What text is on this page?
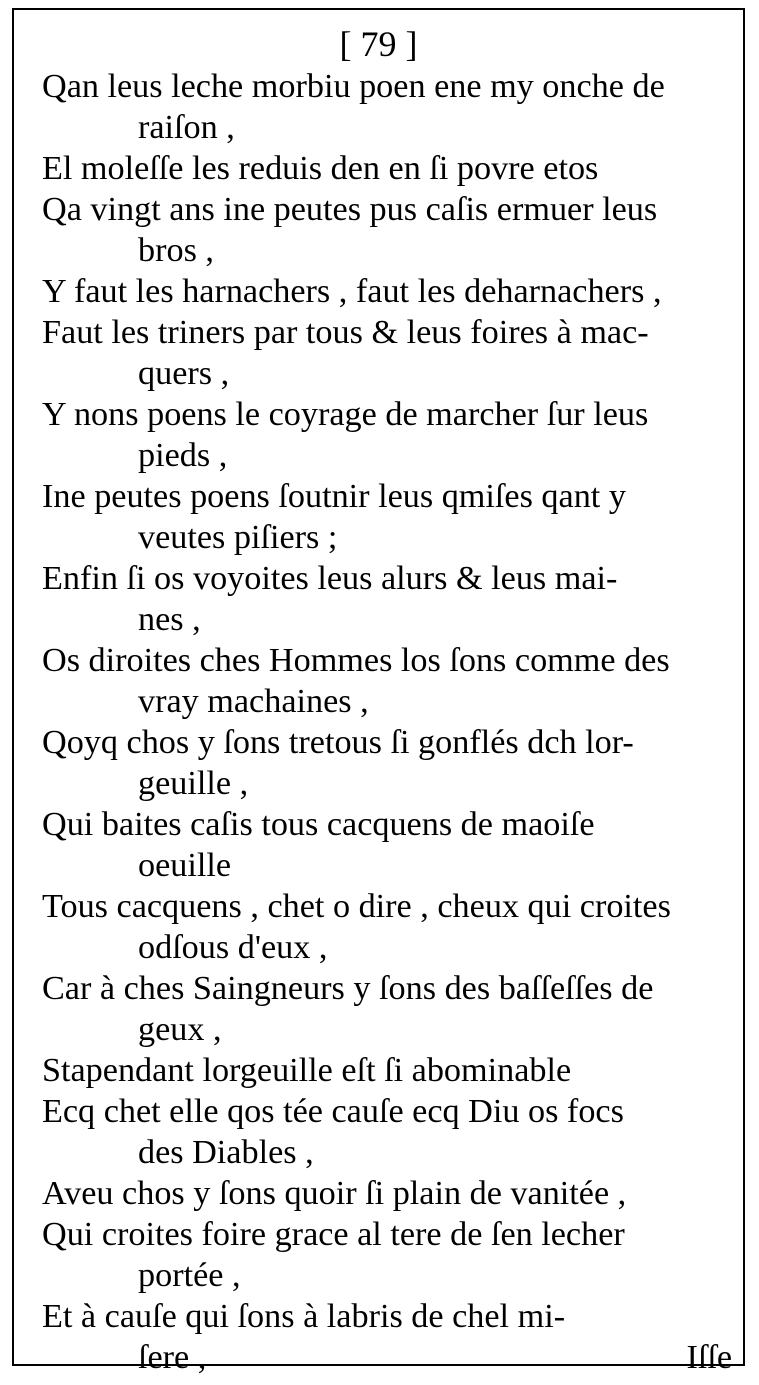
[ 79 ]
Qan leus leche morbiu poen ene my onche de
raiſon ,
El moleſſe les reduis den en ſi povre etos
Qa vingt ans ine peutes pus caſis ermuer leus
bros ,
Y faut les harnachers , faut les deharnachers ,
Faut les triners par tous & leus foires à mac-
quers ,
Y nons poens le coyrage de marcher ſur leus
pieds ,
Ine peutes poens ſoutnir leus qmiſes qant y
veutes piſiers ;
Enfin ſi os voyoites leus alurs & leus mai-
nes ,
Os diroites ches Hommes los ſons comme des
vray machaines ,
Qoyq chos y ſons tretous ſi gonflés dch lor-
geuille ,
Qui baites caſis tous cacquens de maoiſe
oeuille
Tous cacquens , chet o dire , cheux qui croites
odſous d'eux ,
Car à ches Saingneurs y ſons des baſſeſſes de
geux ,
Stapendant lorgeuille eſt ſi abominable
Ecq chet elle qos tée cauſe ecq Diu os focs
des Diables ,
Aveu chos y ſons quoir ſi plain de vanitée ,
Qui croites foire grace al tere de ſen lecher
portée ,
Et à cauſe qui ſons à labris de chel mi-
ſere ,	Iſſe
